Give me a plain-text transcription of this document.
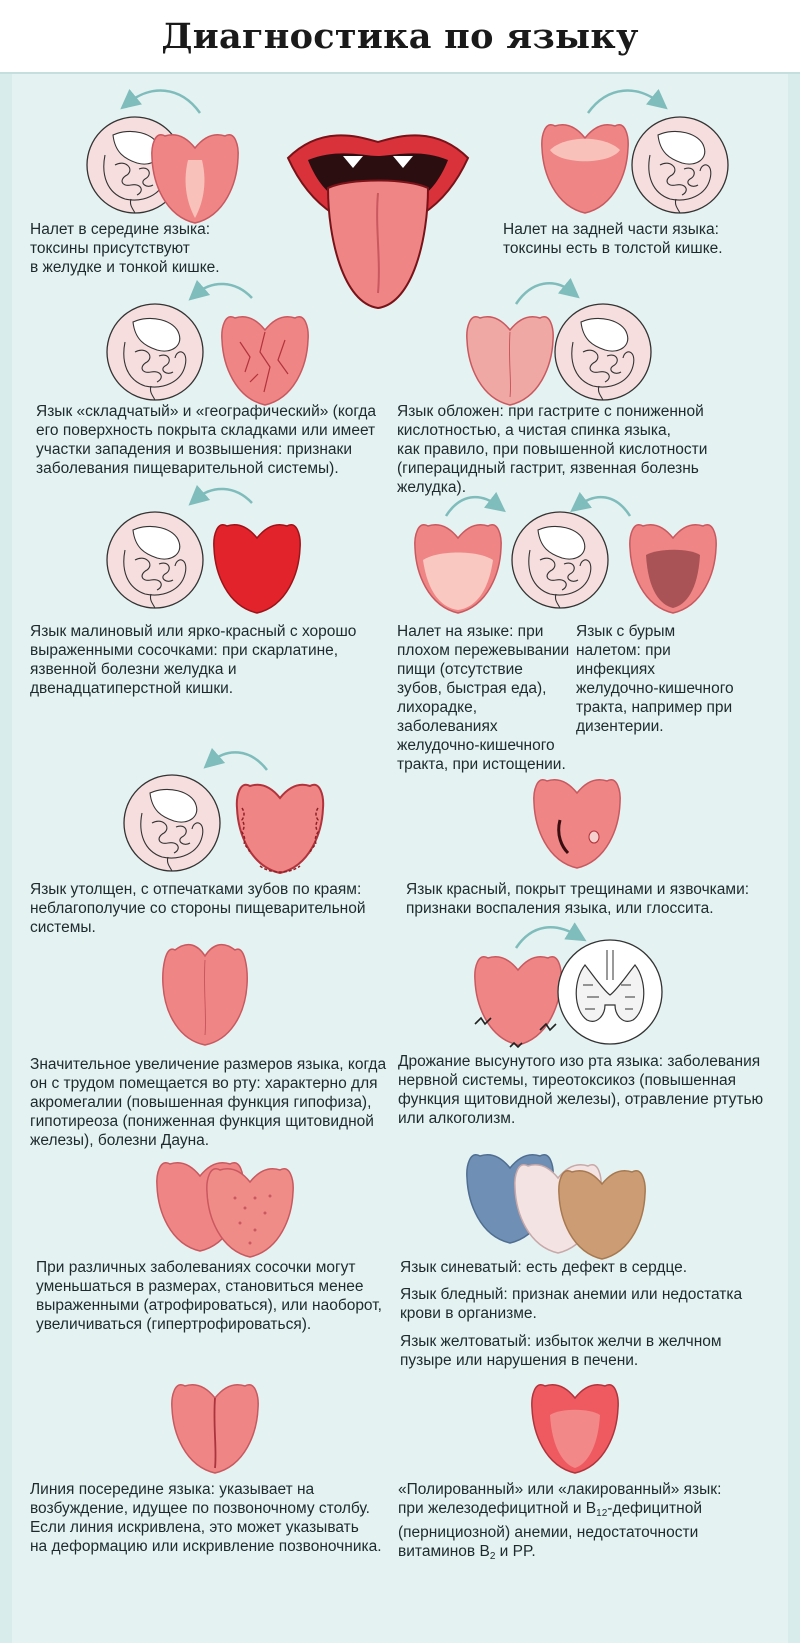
Диагностика по языку
Налет в середине языка:
токсины присутствуют
в желудке и тонкой кишке.
Налет на задней части языка:
токсины есть в толстой кишке.
Язык «складчатый» и «географический» (когда
его поверхность покрыта складками или имеет
участки западения и возвышения: признаки
заболевания пищеварительной системы).
Язык обложен: при гастрите с пониженной
кислотностью, а чистая спинка языка,
как правило, при повышенной кислотности
(гиперацидный гастрит, язвенная болезнь
желудка).
Язык малиновый или ярко-красный с хорошо
выраженными сосочками: при скарлатине,
язвенной болезни желудка и
двенадцатиперстной кишки.
Налет на языке: при
плохом пережевывании
пищи (отсутствие
зубов, быстрая еда),
лихорадке,
заболеваниях
желудочно-кишечного
тракта, при истощении.
Язык с бурым
налетом: при
инфекциях
желудочно-кишечного
тракта, например при
дизентерии.
Язык утолщен, с отпечатками зубов по краям:
неблагополучие со стороны пищеварительной
системы.
Язык красный, покрыт трещинами и язвочками:
признаки воспаления языка, или глоссита.
Значительное увеличение размеров языка, когда
он с трудом помещается во рту: характерно для
акромегалии (повышенная функция гипофиза),
гипотиреоза (пониженная функция щитовидной
железы), болезни Дауна.
Дрожание высунутого изо рта языка: заболевания
нервной системы, тиреотоксикоз (повышенная
функция щитовидной железы), отравление ртутью
или алкоголизм.
При различных заболеваниях сосочки могут
уменьшаться в размерах, становиться менее
выраженными (атрофироваться), или наоборот,
увеличиваться (гипертрофироваться).
Язык синеватый: есть дефект в сердце.
Язык бледный: признак анемии или недостатка
крови в организме.
Язык желтоватый: избыток желчи в желчном
пузыре или нарушения в печени.
Линия посередине языка: указывает на
возбуждение, идущее по позвоночному столбу.
Если линия искривлена, это может указывать
на деформацию или искривление позвоночника.
«Полированный» или «лакированный» язык:
при железодефицитной и $B_{12}$-дефицитной
(пернициозной) анемии, недостаточности
витаминов $B_2$ и PP.
